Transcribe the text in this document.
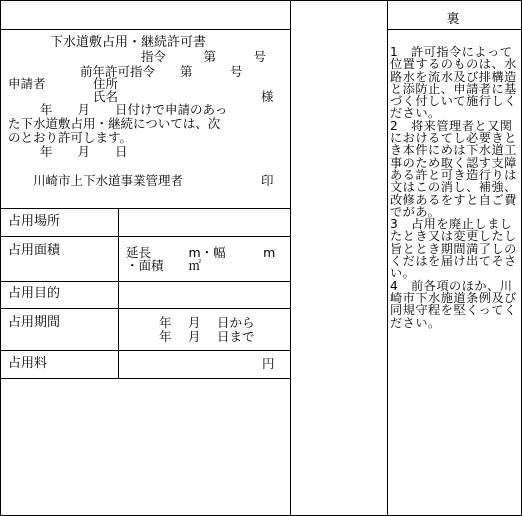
下水道敷占用・継続許可書
指令　　　第　　　号
前年許可指令　　第　　　号
申請者	住所
氏名	様
年　　月　　日付けで申請のあっ
た下水道敷占用・継続については、次
のとおり許可します。
年　　月　　日
川崎市上下水道事業管理者	印
占用場所
占用面積	延長　　　m・幅　　　m
・面積　　㎡
占用目的
占用期間	年　 月　 日から
年　 月　 日まで
占用料	円
裏
1　許可指令によって位置するのものは、水路水を流水及び排構造と添防止、申請者に基づく付しいて施行しください。
2　将来管理者と又関におけるてし必要きとき本件にめは下水道工事のため取く認す支障ある許と可き造行りは文はこの消し、補強、改修あるをすと自ご費でがあ。
3　占用を廃止しましたとき又は変更したし旨ととき期間満了しのくだはを届け出てそさい。
4　前各項のほか、川崎市下水施道条例及び同規守程を堅くってください。
